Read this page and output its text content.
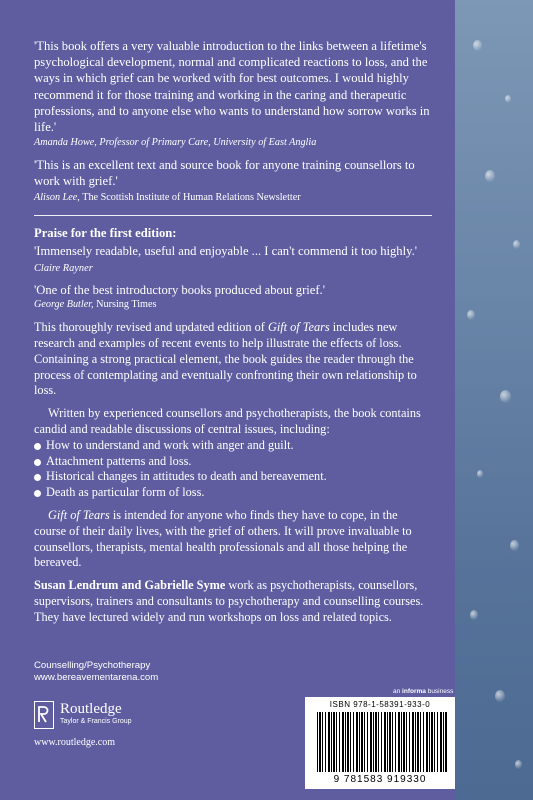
'This book offers a very valuable introduction to the links between a lifetime's psychological development, normal and complicated reactions to loss, and the ways in which grief can be worked with for best outcomes. I would highly recommend it for those training and working in the caring and therapeutic professions, and to anyone else who wants to understand how sorrow works in life.'

Amanda Howe, Professor of Primary Care, University of East Anglia

'This is an excellent text and source book for anyone training counsellors to work with grief.'

Alison Lee, The Scottish Institute of Human Relations Newsletter

Praise for the first edition:

'Immensely readable, useful and enjoyable ... I can't commend it too highly.' Claire Rayner

'One of the best introductory books produced about grief.'

George Butler, Nursing Times

This thoroughly revised and updated edition of Gift of Tears includes new research and examples of recent events to help illustrate the effects of loss. Containing a strong practical element, the book guides the reader through the process of contemplating and eventually confronting their own relationship to loss.

Written by experienced counsellors and psychotherapists, the book contains candid and readable discussions of central issues, including:

How to understand and work with anger and guilt.
Attachment patterns and loss.
Historical changes in attitudes to death and bereavement.
Death as particular form of loss.

Gift of Tears is intended for anyone who finds they have to cope, in the course of their daily lives, with the grief of others. It will prove invaluable to counsellors, therapists, mental health professionals and all those helping the bereaved.

Susan Lendrum and Gabrielle Syme work as psychotherapists, counsellors, supervisors, trainers and consultants to psychotherapy and counselling courses. They have lectured widely and run workshops on loss and related topics.

Counselling/Psychotherapy

www.bereavementarena.com

an informa business
Routledge
Taylor & Francis Group
www.routledge.com
ISBN 978-1-58391-933-0
9 781583 919330
